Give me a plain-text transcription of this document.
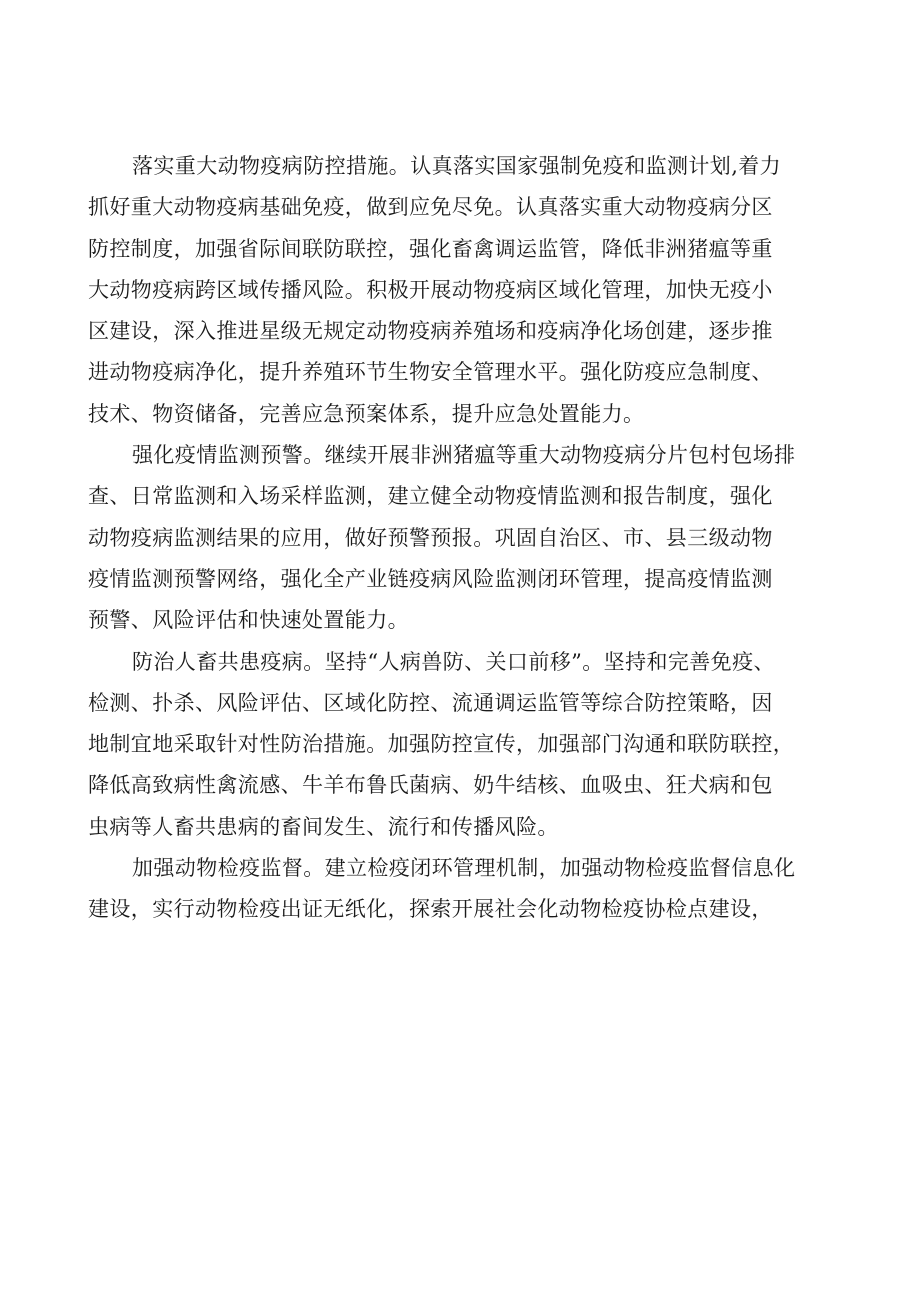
落实重大动物疫病防控措施。认真落实国家强制免疫和监测计划,着力
抓好重大动物疫病基础免疫，做到应免尽免。认真落实重大动物疫病分区
防控制度，加强省际间联防联控，强化畜禽调运监管，降低非洲猪瘟等重
大动物疫病跨区域传播风险。积极开展动物疫病区域化管理，加快无疫小
区建设，深入推进星级无规定动物疫病养殖场和疫病净化场创建，逐步推
进动物疫病净化，提升养殖环节生物安全管理水平。强化防疫应急制度、
技术、物资储备，完善应急预案体系，提升应急处置能力。
强化疫情监测预警。继续开展非洲猪瘟等重大动物疫病分片包村包场排
查、日常监测和入场采样监测，建立健全动物疫情监测和报告制度，强化
动物疫病监测结果的应用，做好预警预报。巩固自治区、市、县三级动物
疫情监测预警网络，强化全产业链疫病风险监测闭环管理，提高疫情监测
预警、风险评估和快速处置能力。
防治人畜共患疫病。坚持“人病兽防、关口前移”。坚持和完善免疫、
检测、扑杀、风险评估、区域化防控、流通调运监管等综合防控策略，因
地制宜地采取针对性防治措施。加强防控宣传，加强部门沟通和联防联控，
降低高致病性禽流感、牛羊布鲁氏菌病、奶牛结核、血吸虫、狂犬病和包
虫病等人畜共患病的畜间发生、流行和传播风险。
加强动物检疫监督。建立检疫闭环管理机制，加强动物检疫监督信息化
建设，实行动物检疫出证无纸化，探索开展社会化动物检疫协检点建设，
